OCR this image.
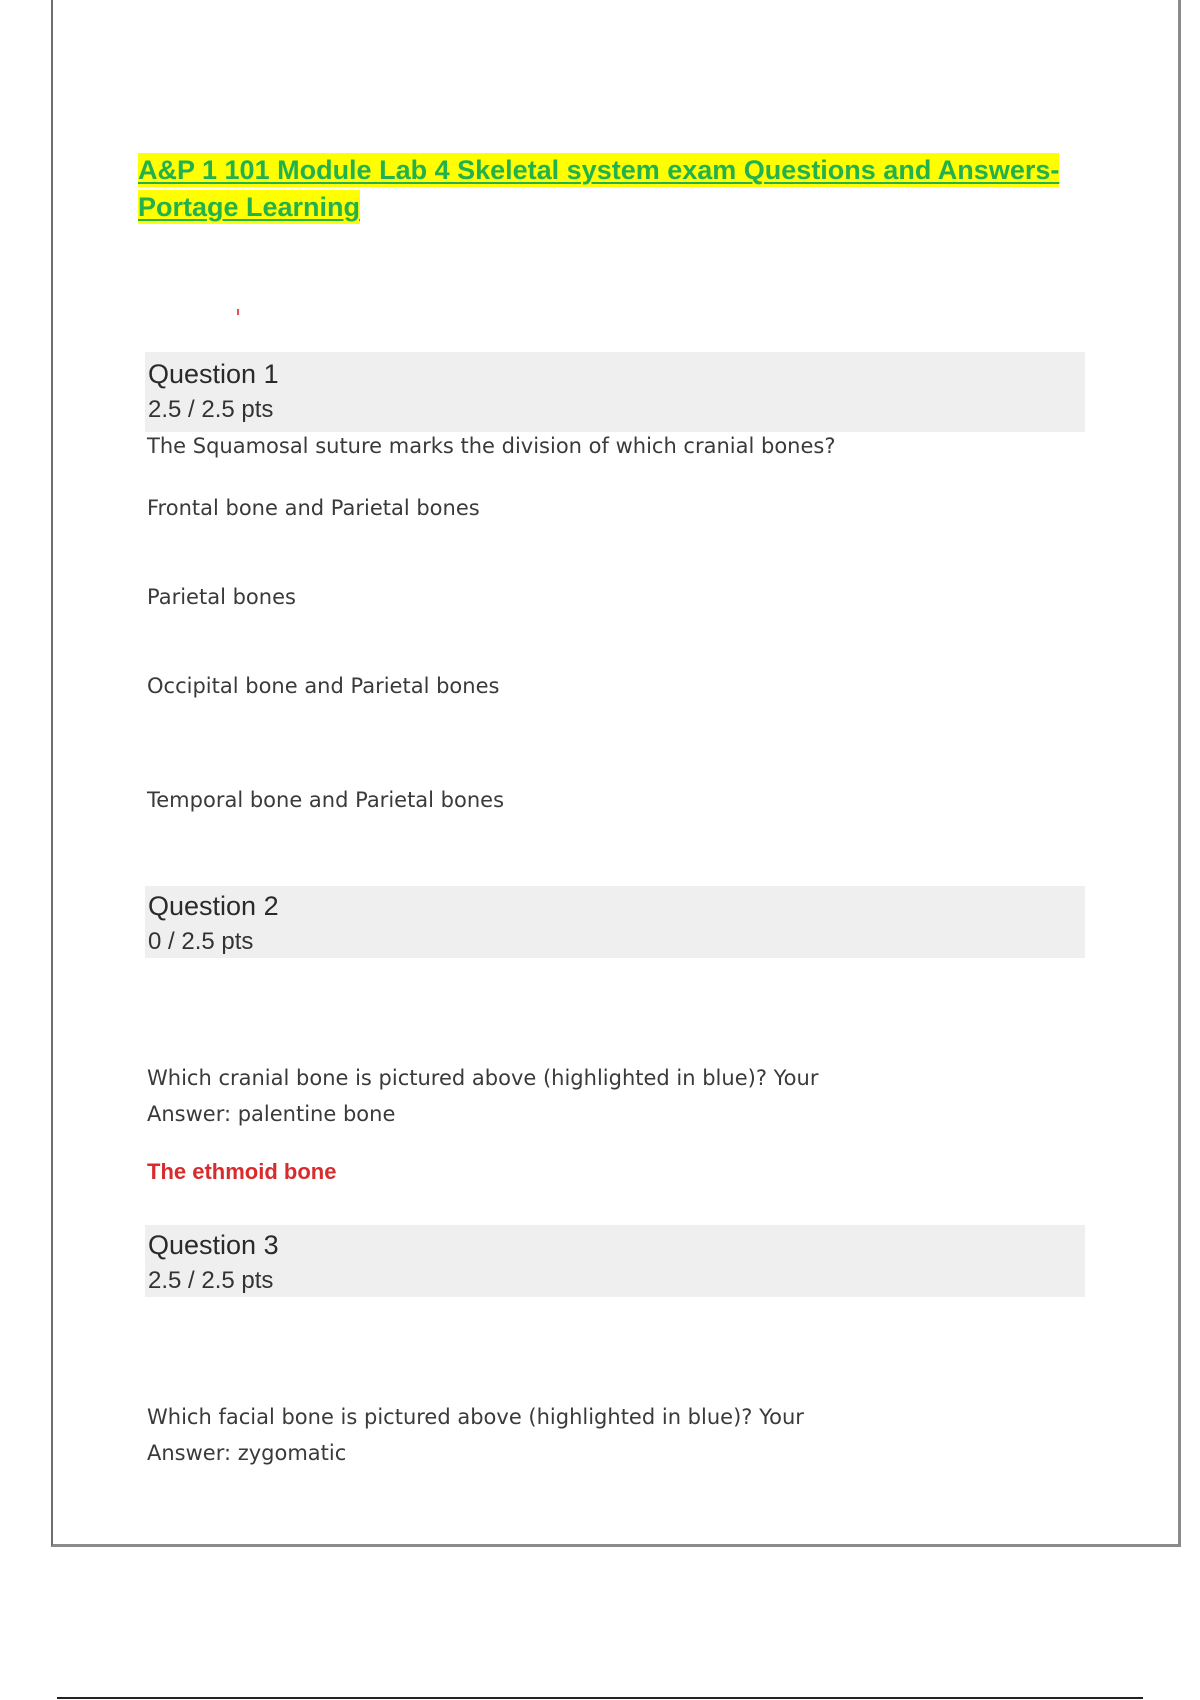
A&P 1 101 Module Lab 4 Skeletal system exam Questions and Answers- Portage Learning
Question 1
2.5 / 2.5 pts

The Squamosal suture marks the division of which cranial bones?

Frontal bone and Parietal bones

Parietal bones

Occipital bone and Parietal bones

Temporal bone and Parietal bones

Question 2
0 / 2.5 pts

Which cranial bone is pictured above (highlighted in blue)? Your

Answer: palentine bone

The ethmoid bone

Question 3
2.5 / 2.5 pts

Which facial bone is pictured above (highlighted in blue)? Your

Answer: zygomatic
